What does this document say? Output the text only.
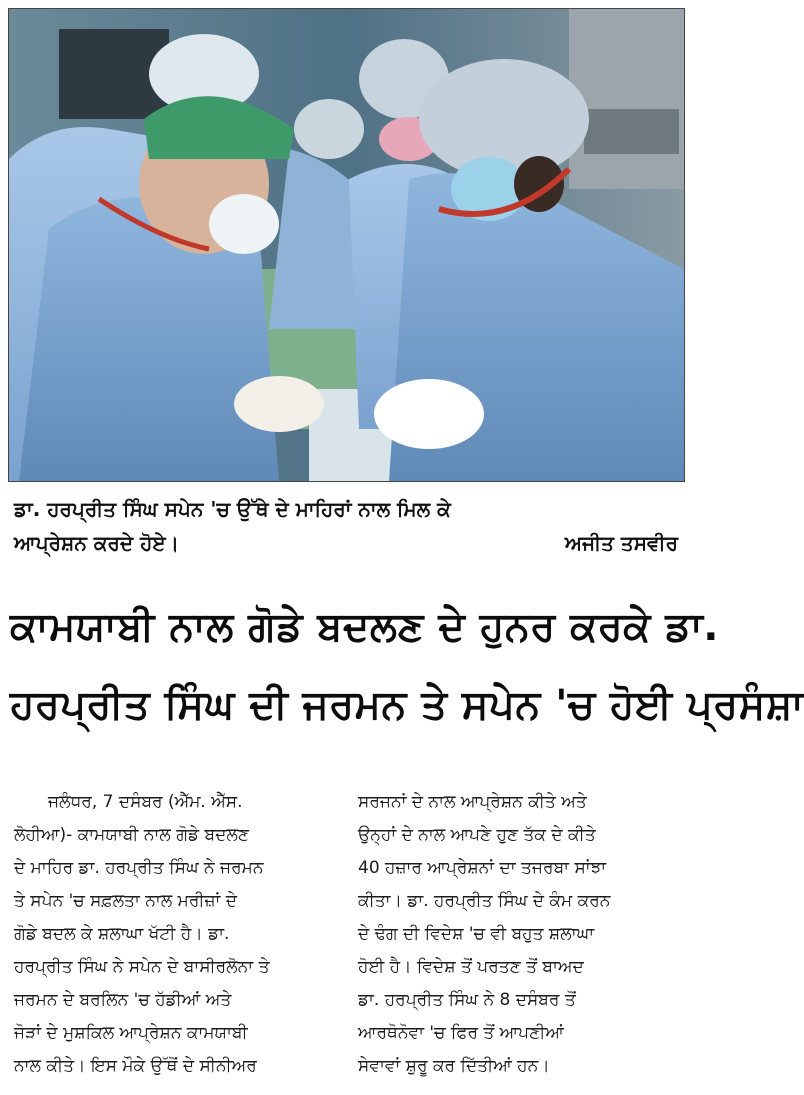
ਡਾ. ਹਰਪ੍ਰੀਤ ਸਿੰਘ ਸਪੇਨ 'ਚ ਉੱਥੇ ਦੇ ਮਾਹਿਰਾਂ ਨਾਲ ਮਿਲ ਕੇ
ਆਪ੍ਰੇਸ਼ਨ ਕਰਦੇ ਹੋਏ।	ਅਜੀਤ ਤਸਵੀਰ
ਕਾਮਯਾਬੀ ਨਾਲ ਗੋਡੇ ਬਦਲਣ ਦੇ ਹੁਨਰ ਕਰਕੇ ਡਾ.
ਹਰਪ੍ਰੀਤ ਸਿੰਘ ਦੀ ਜਰਮਨ ਤੇ ਸਪੇਨ 'ਚ ਹੋਈ ਪ੍ਰਸੰਸ਼ਾ
ਜਲੰਧਰ, 7 ਦਸੰਬਰ (ਐੱਮ. ਐੱਸ.
ਲੋਹੀਆ)- ਕਾਮਯਾਬੀ ਨਾਲ ਗੋਡੇ ਬਦਲਣ
ਦੇ ਮਾਹਿਰ ਡਾ. ਹਰਪ੍ਰੀਤ ਸਿੰਘ ਨੇ ਜਰਮਨ
ਤੇ ਸਪੇਨ 'ਚ ਸਫ਼ਲਤਾ ਨਾਲ ਮਰੀਜ਼ਾਂ ਦੇ
ਗੋਡੇ ਬਦਲ ਕੇ ਸ਼ਲਾਘਾ ਖੱਟੀ ਹੈ। ਡਾ.
ਹਰਪ੍ਰੀਤ ਸਿੰਘ ਨੇ ਸਪੇਨ ਦੇ ਬਾਸੀਰਲੋਨਾ ਤੇ
ਜਰਮਨ ਦੇ ਬਰਲਿਨ 'ਚ ਹੱਡੀਆਂ ਅਤੇ
ਜੋੜਾਂ ਦੇ ਮੁਸ਼ਕਿਲ ਆਪ੍ਰੇਸ਼ਨ ਕਾਮਯਾਬੀ
ਨਾਲ ਕੀਤੇ। ਇਸ ਮੌਕੇ ਉੱਥੋਂ ਦੇ ਸੀਨੀਅਰ
ਸਰਜਨਾਂ ਦੇ ਨਾਲ ਆਪ੍ਰੇਸ਼ਨ ਕੀਤੇ ਅਤੇ
ਉਨ੍ਹਾਂ ਦੇ ਨਾਲ ਆਪਣੇ ਹੁਣ ਤੱਕ ਦੇ ਕੀਤੇ
40 ਹਜ਼ਾਰ ਆਪ੍ਰੇਸ਼ਨਾਂ ਦਾ ਤਜਰਬਾ ਸਾਂਝਾ
ਕੀਤਾ। ਡਾ. ਹਰਪ੍ਰੀਤ ਸਿੰਘ ਦੇ ਕੰਮ ਕਰਨ
ਦੇ ਢੰਗ ਦੀ ਵਿਦੇਸ਼ 'ਚ ਵੀ ਬਹੁਤ ਸ਼ਲਾਘਾ
ਹੋਈ ਹੈ। ਵਿਦੇਸ਼ ਤੋਂ ਪਰਤਣ ਤੋਂ ਬਾਅਦ
ਡਾ. ਹਰਪ੍ਰੀਤ ਸਿੰਘ ਨੇ 8 ਦਸੰਬਰ ਤੋਂ
ਆਰਥੋਨੋਵਾ 'ਚ ਫਿਰ ਤੋਂ ਆਪਣੀਆਂ
ਸੇਵਾਵਾਂ ਸ਼ੁਰੂ ਕਰ ਦਿੱਤੀਆਂ ਹਨ।
